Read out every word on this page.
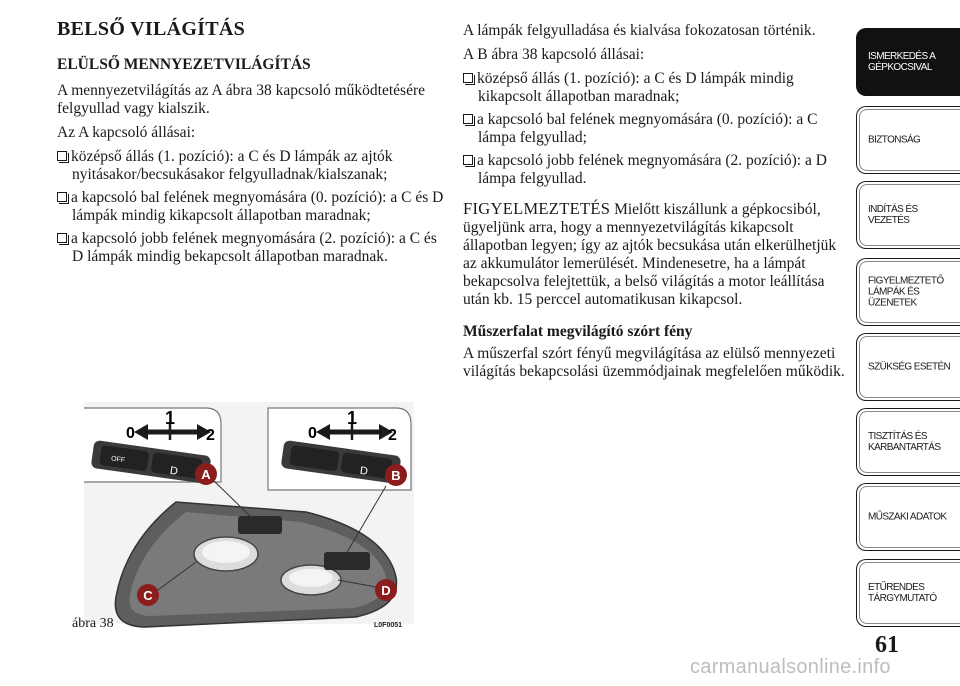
BELSŐ VILÁGÍTÁS
ELÜLSŐ MENNYEZETVILÁGÍTÁS

A mennyezetvilágítás az A ábra 38 kapcsoló működtetésére felgyullad vagy kialszik.

Az A kapcsoló állásai:

középső állás (1. pozíció): a C és D lámpák az ajtók nyitásakor/becsukásakor felgyulladnak/kialszanak;
a kapcsoló bal felének megnyomására (0. pozíció): a C és D lámpák mindig kikapcsolt állapotban maradnak;
a kapcsoló jobb felének megnyomására (2. pozíció): a C és D lámpák mindig bekapcsolt állapotban maradnak.

A lámpák felgyulladása és kialvása fokozatosan történik.

A B ábra 38 kapcsoló állásai:

középső állás (1. pozíció): a C és D lámpák mindig kikapcsolt állapotban maradnak;
a kapcsoló bal felének megnyomására (0. pozíció): a C lámpa felgyullad;
a kapcsoló jobb felének megnyomására (2. pozíció): a D lámpa felgyullad.

FIGYELMEZTETÉS Mielőtt kiszállunk a gépkocsiból, ügyeljünk arra, hogy a mennyezetvilágítás kikapcsolt állapotban legyen; így az ajtók becsukása után elkerülhetjük az akkumulátor lemerülését. Mindenesetre, ha a lámpát bekapcsolva felejtettük, a belső világítás a motor leállítása után kb. 15 perccel automatikusan kikapcsol.

Műszerfalat megvilágító szórt fény

A műszerfal szórt fényű megvilágítása az elülső mennyezeti világítás bekapcsolási üzemmódjainak megfelelően működik.

0
1
2
OFF
D
0
1
2
D
A	B
C	D
ábra 38	L0F0051
ISMERKEDÉS A GÉPKOCSIVAL
BIZTONSÁG
INDÍTÁS ÉS VEZETÉS
FIGYELMEZTETŐ LÁMPÁK ÉS ÜZENETEK
SZÜKSÉG ESETÉN
TISZTÍTÁS ÉS KARBANTARTÁS
MŰSZAKI ADATOK
ETŰRENDES TÁRGYMUTATÓ
61
carmanualsonline.info
